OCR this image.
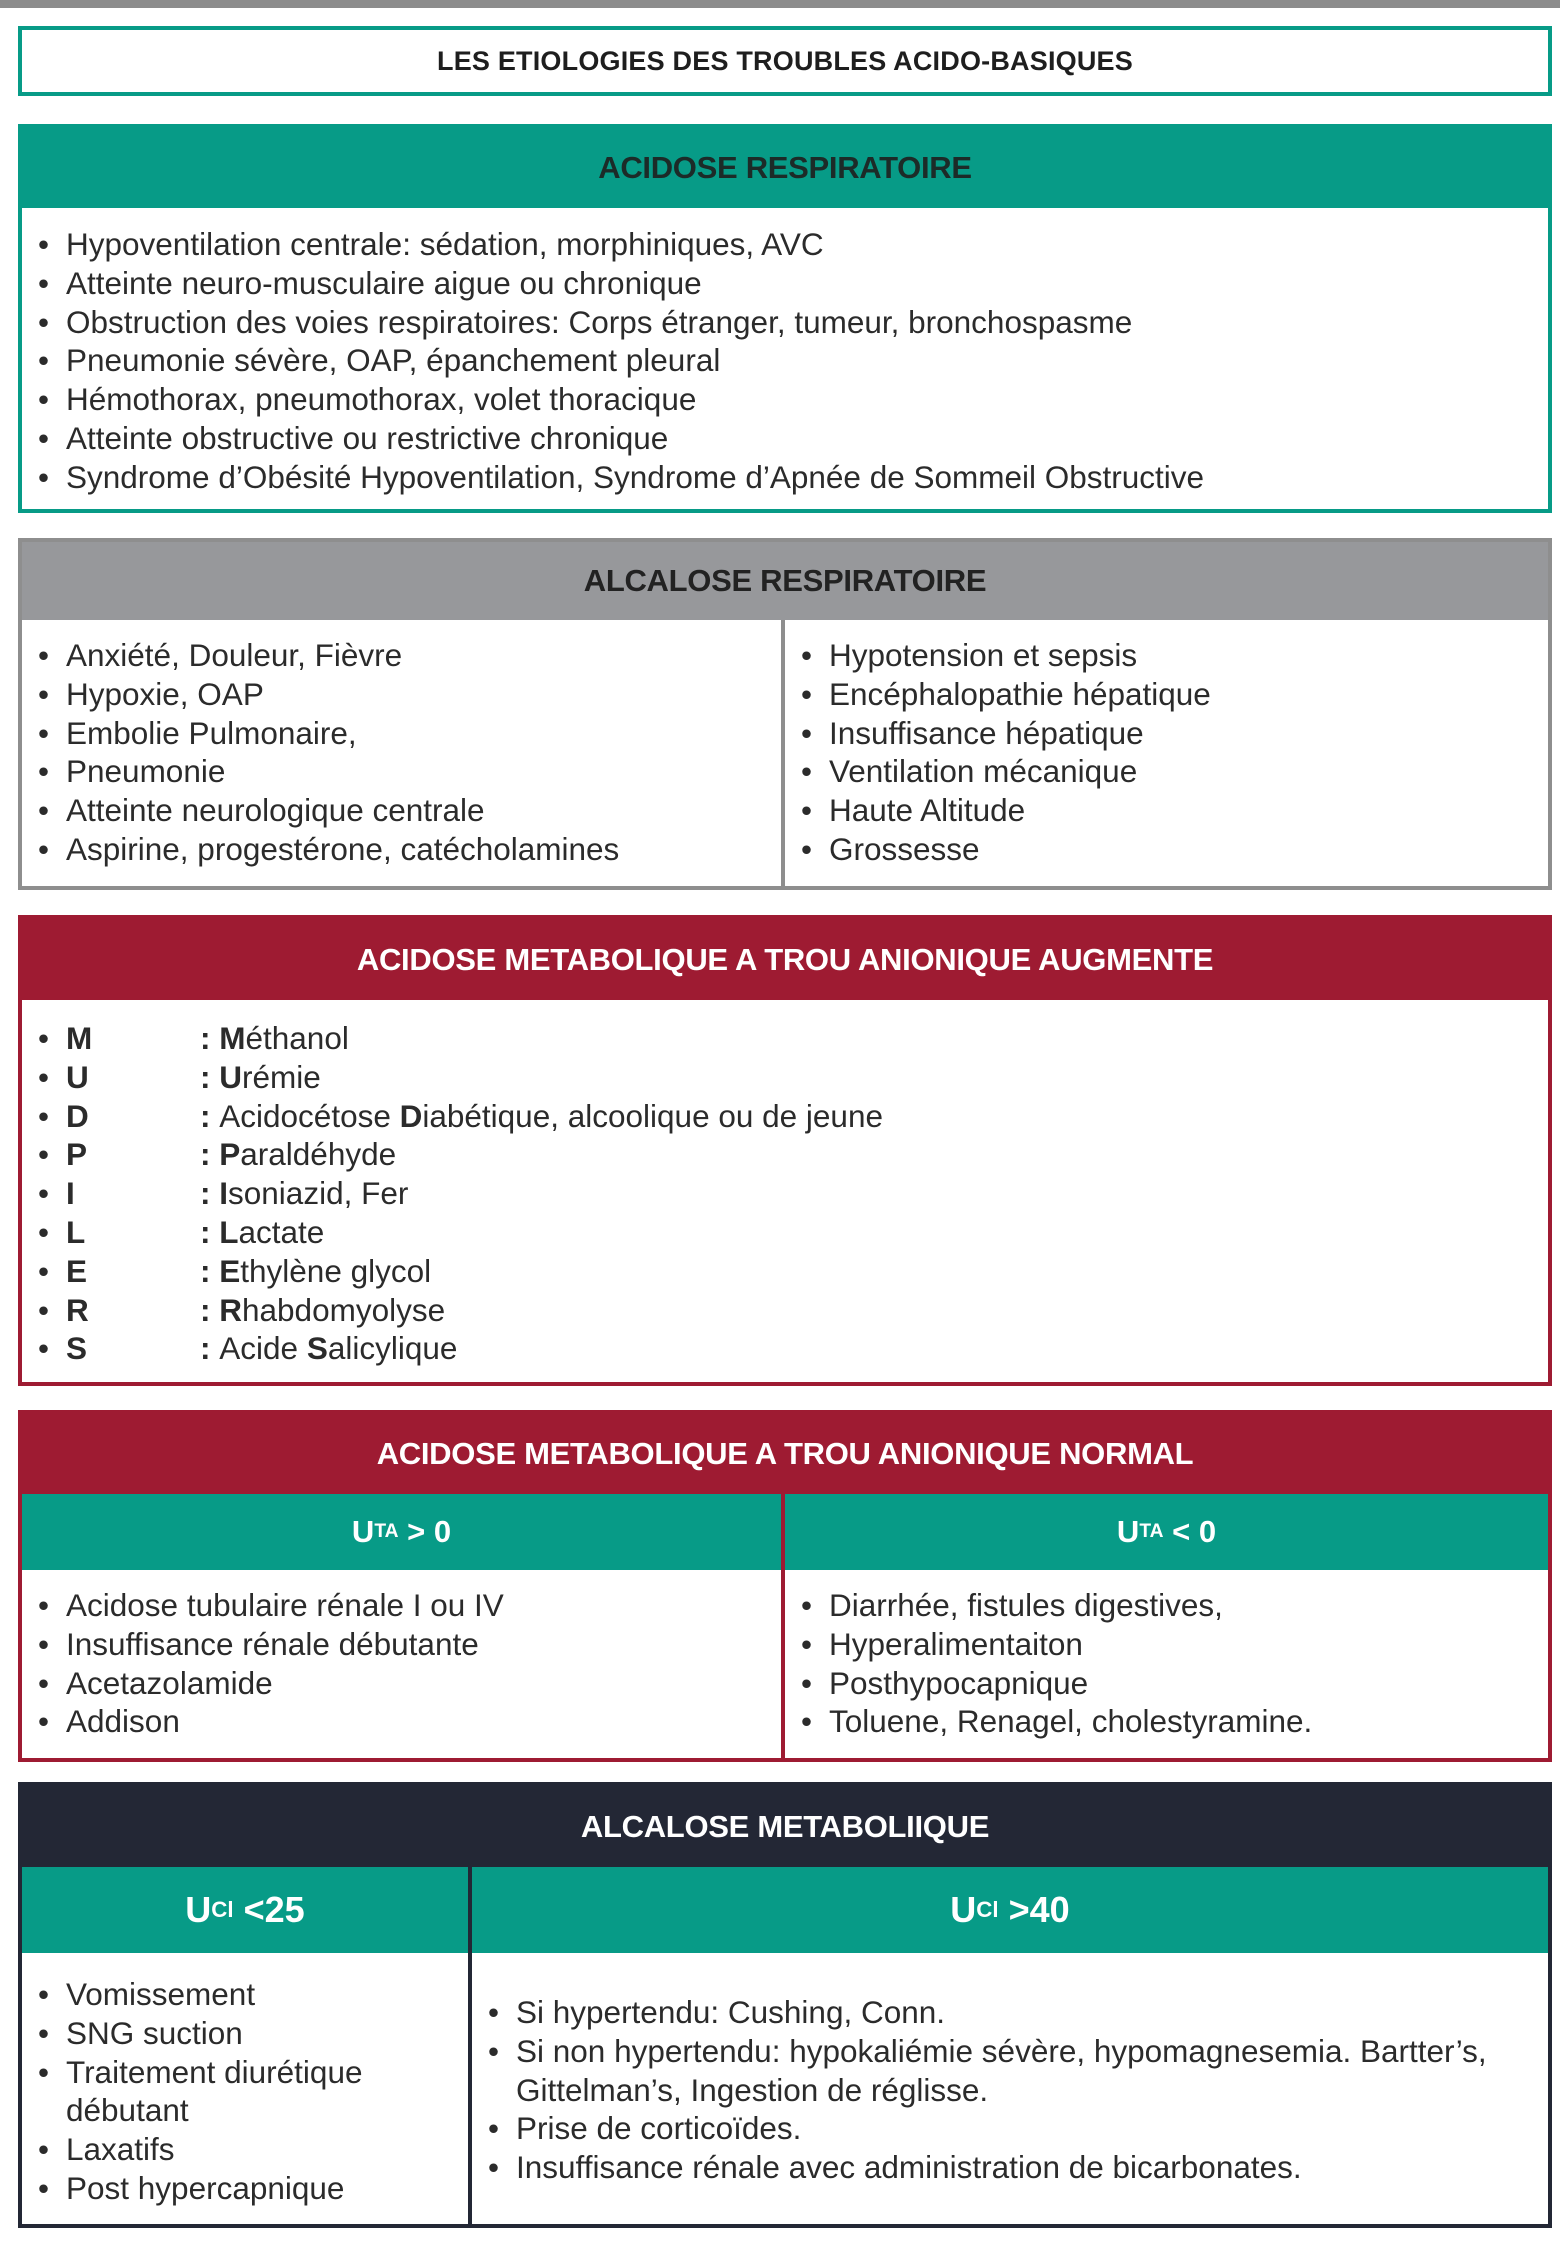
LES ETIOLOGIES DES TROUBLES ACIDO-BASIQUES
ACIDOSE RESPIRATOIRE
• Hypoventilation centrale: sédation, morphiniques, AVC
• Atteinte neuro-musculaire aigue ou chronique
• Obstruction des voies respiratoires: Corps étranger, tumeur, bronchospasme
• Pneumonie sévère, OAP, épanchement pleural
• Hémothorax, pneumothorax, volet thoracique
• Atteinte obstructive ou restrictive chronique
• Syndrome d’Obésité Hypoventilation, Syndrome d’Apnée de Sommeil Obstructive
ALCALOSE RESPIRATOIRE
• Anxiété, Douleur, Fièvre
• Hypoxie, OAP
• Embolie Pulmonaire,
• Pneumonie
• Atteinte neurologique centrale
• Aspirine, progestérone, catécholamines
• Hypotension et sepsis
• Encéphalopathie hépatique
• Insuffisance hépatique
• Ventilation mécanique
• Haute Altitude
• Grossesse
ACIDOSE METABOLIQUE A TROU ANIONIQUE AUGMENTE
• M	: Méthanol
• U	: Urémie
• D	: Acidocétose Diabétique, alcoolique ou de jeune
• P	: Paraldéhyde
• I	: Isoniazid, Fer
• L	: Lactate
• E	: Ethylène glycol
• R	: Rhabdomyolyse
• S	: Acide Salicylique
ACIDOSE METABOLIQUE A TROU ANIONIQUE NORMAL
U TA > 0
• Acidose tubulaire rénale I ou IV
• Insuffisance rénale débutante
• Acetazolamide
• Addison
U TA < 0
• Diarrhée, fistules digestives,
• Hyperalimentaiton
• Posthypocapnique
• Toluene, Renagel, cholestyramine.
ALCALOSE METABOLIIQUE
U Cl <25
• Vomissement
• SNG suction
• Traitement diurétique débutant
• Laxatifs
• Post hypercapnique
U Cl >40
• Si hypertendu: Cushing, Conn.
• Si non hypertendu: hypokaliémie sévère, hypomagnesemia. Bartter’s, Gittelman’s, Ingestion de réglisse.
• Prise de corticoïdes.
• Insuffisance rénale avec administration de bicarbonates.
